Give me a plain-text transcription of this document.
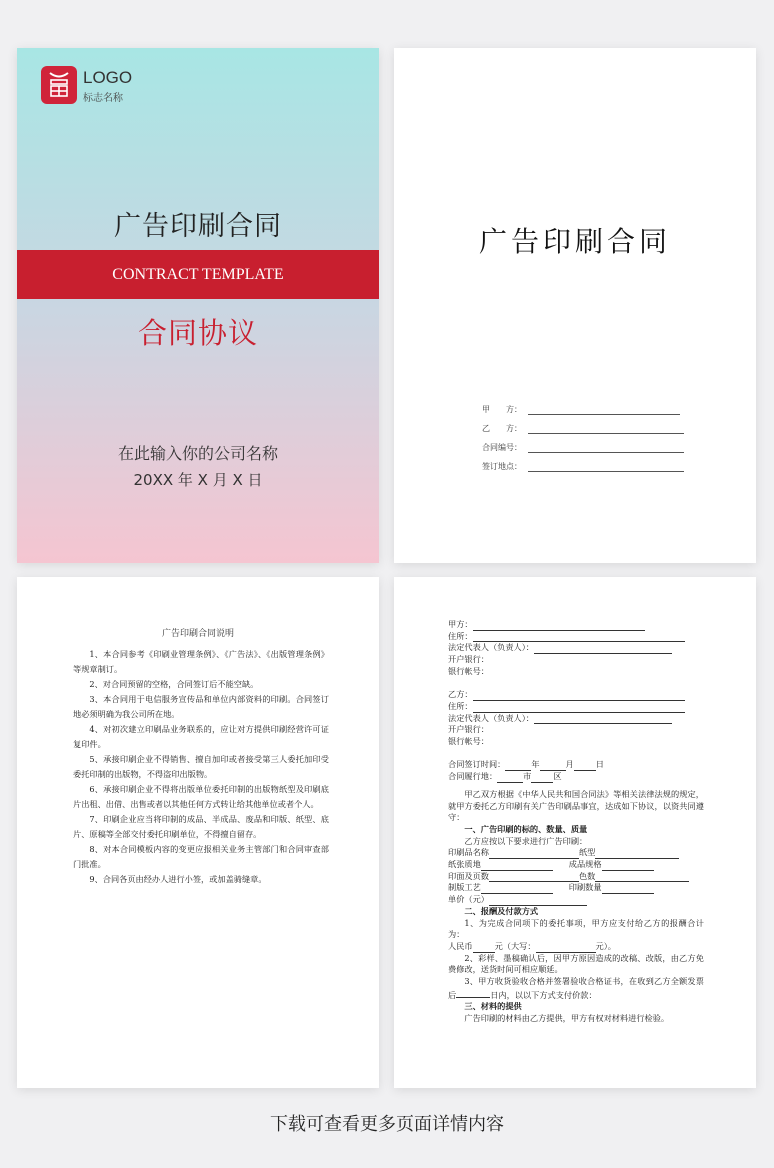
LOGO
标志名称
广告印刷合同
CONTRACT TEMPLATE
合同协议
在此输入你的公司名称
20XX 年 X 月 X 日
广告印刷合同
甲　　方：
乙　　方：
合同编号：
签订地点：
广告印刷合同说明

1、本合同参考《印刷业管理条例》、《广告法》、《出版管理条例》等规章制订。

2、对合同预留的空格，合同签订后不能空缺。

3、本合同用于电信服务宣传品和单位内部资料的印刷。合同签订地必须明确为我公司所在地。

4、对初次建立印刷品业务联系的，应让对方提供印刷经营许可证复印件。

5、承接印刷企业不得销售、擅自加印或者接受第三人委托加印受委托印制的出版物，不得盗印出版物。

6、承接印刷企业不得将出版单位委托印制的出版物纸型及印刷底片出租、出借、出售或者以其他任何方式转让给其他单位或者个人。

7、印刷企业应当将印制的成品、半成品、废品和印版、纸型、底片、原稿等全部交付委托印刷单位，不得擅自留存。

8、对本合同模板内容的变更应报相关业务主管部门和合同审查部门批准。

9、合同各页由经办人进行小签，或加盖骑缝章。

甲方：
住所：
法定代表人（负责人）：
开户银行：
银行帐号：
乙方：
住所：
法定代表人（负责人）：
开户银行：
银行帐号：
合同签订时间：	年	月	日
合同履行地：	市	区
甲乙双方根据《中华人民共和国合同法》等相关法律法规的规定，就甲方委托乙方印刷有关广告印刷品事宜，达成如下协议，以资共同遵守：
一、广告印刷的标的、数量、质量
乙方应按以下要求进行广告印刷：
印刷品名称	纸型
纸张质地	成品规格
印面及页数	色数
制版工艺	印刷数量
单价（元）
二、报酬及付款方式
1、为完成合同项下的委托事项，甲方应支付给乙方的报酬合计为：
人民币	元（大写：	元）。
2、彩样、墨稿确认后，因甲方原因造成的改稿、改版，由乙方免费修改，送货时间可相应顺延。
3、甲方收货验收合格并签署验收合格证书，在收到乙方全额发票后	日内，以以下方式支付价款：
三、材料的提供
广告印刷的材料由乙方提供，甲方有权对材料进行检验。
下载可查看更多页面详情内容
